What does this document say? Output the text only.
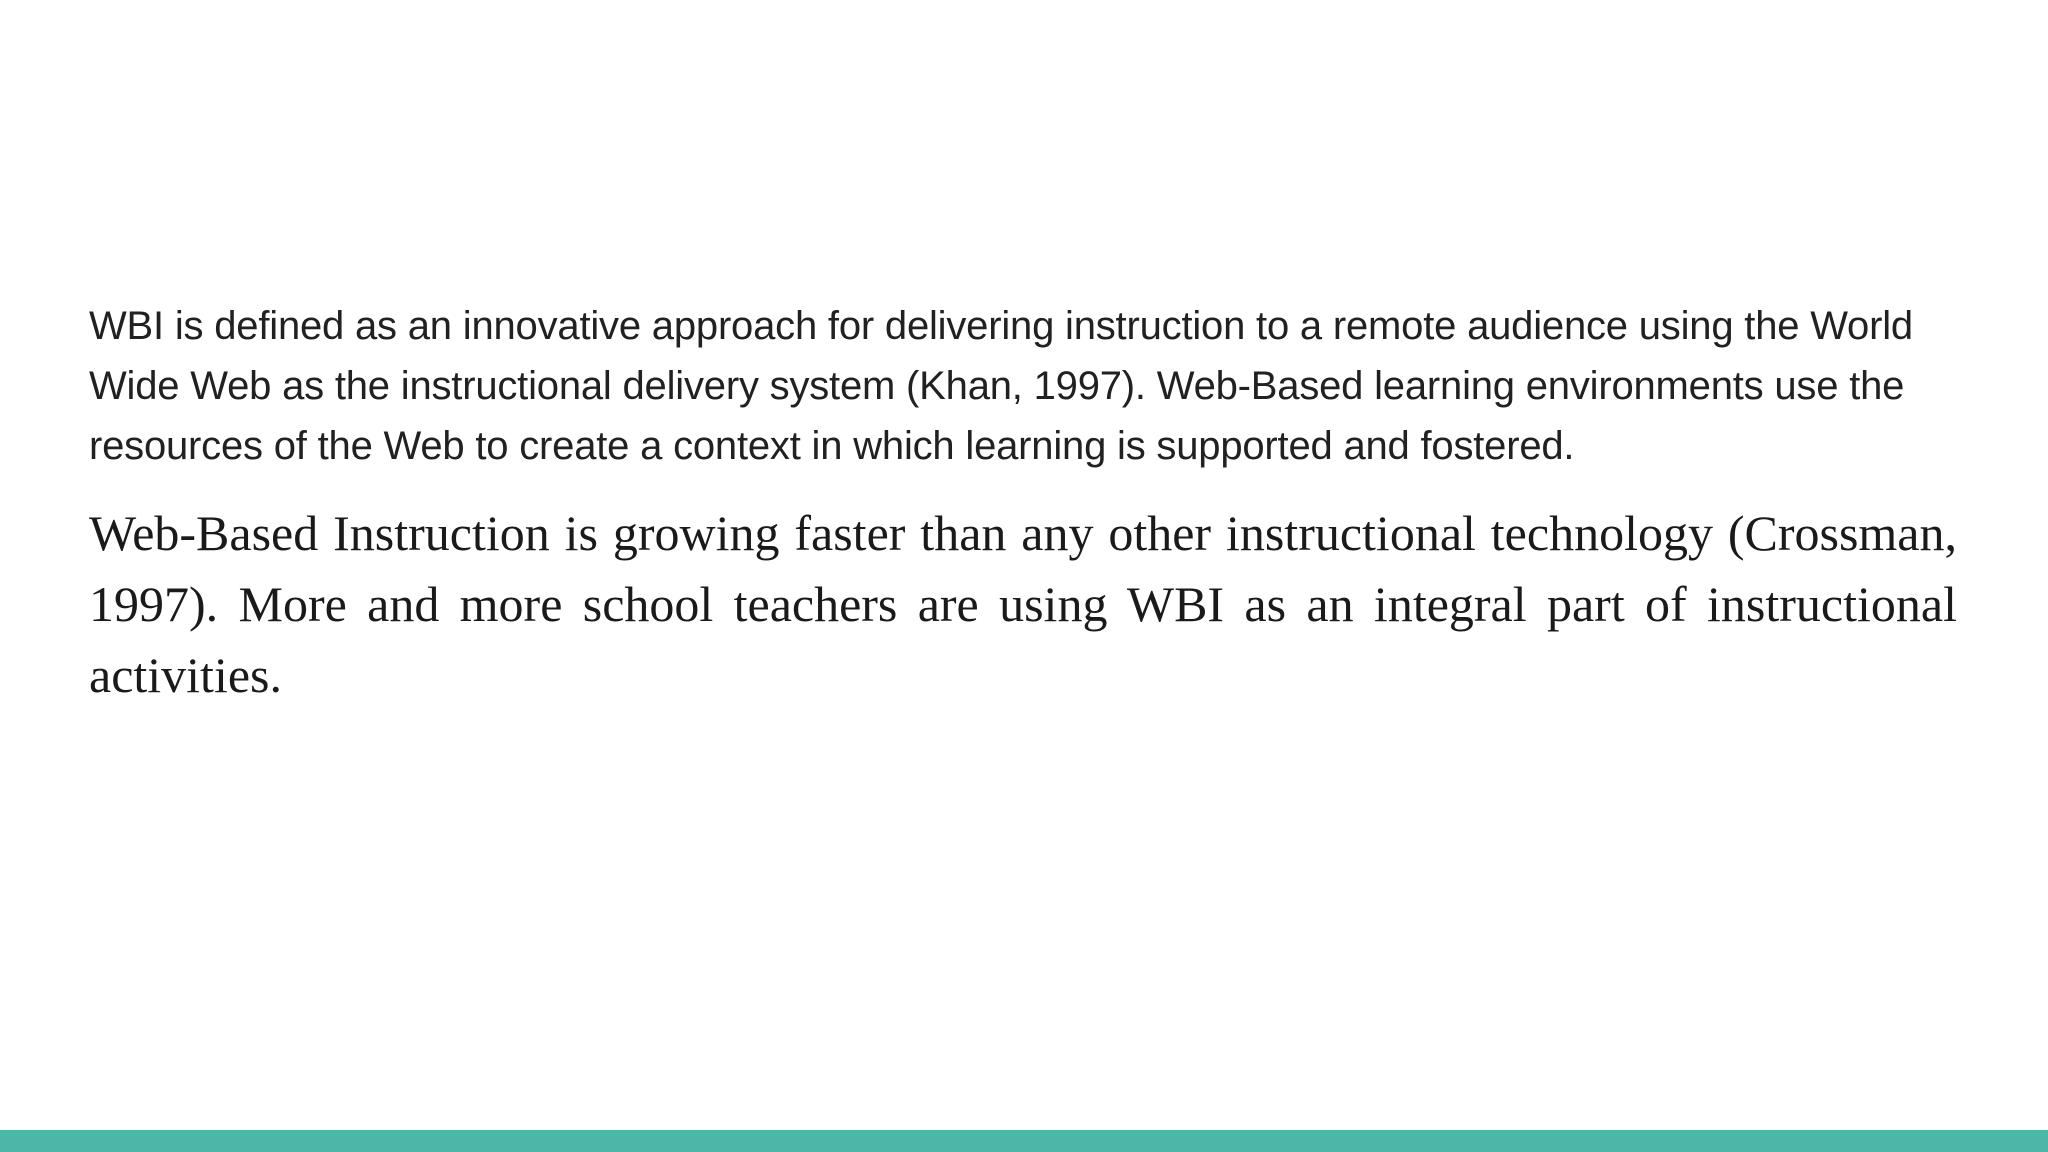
WBI is defined as an innovative approach for delivering instruction to a remote audience using the World Wide Web as the instructional delivery system (Khan, 1997). Web-Based learning environments use the resources of the Web to create a context in which learning is supported and fostered.

Web-Based Instruction is growing faster than any other instructional technology (Crossman, 1997). More and more school teachers are using WBI as an integral part of instructional activities.
